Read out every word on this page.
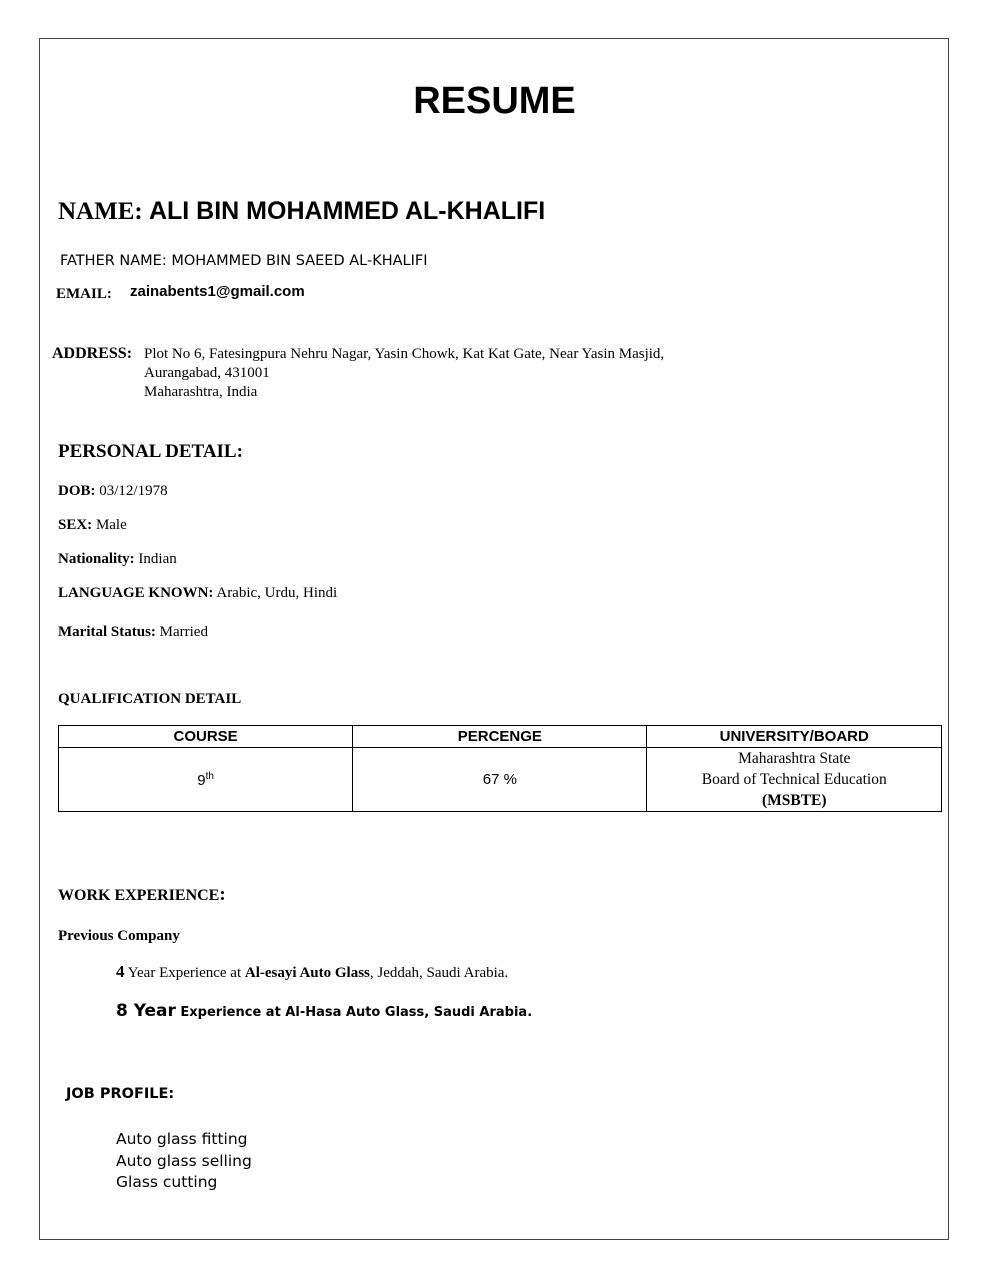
RESUME
NAME: ALI BIN MOHAMMED AL-KHALIFI
FATHER NAME: MOHAMMED BIN SAEED AL-KHALIFI
EMAIL: zainabents1@gmail.com
ADDRESS: Plot No 6, Fatesingpura Nehru Nagar, Yasin Chowk, Kat Kat Gate, Near Yasin Masjid,
Aurangabad, 431001
Maharashtra, India
PERSONAL DETAIL:
DOB: 03/12/1978
SEX: Male
Nationality: Indian
LANGUAGE KNOWN: Arabic, Urdu, Hindi
Marital Status: Married
QUALIFICATION DETAIL
COURSE	PERCENGE	UNIVERSITY/BOARD
9th	67 %	Maharashtra State
Board of Technical Education
(MSBTE)
WORK EXPERIENCE:
Previous Company
4 Year Experience at Al-esayi Auto Glass, Jeddah, Saudi Arabia.
8 Year Experience at Al-Hasa Auto Glass, Saudi Arabia.
JOB PROFILE:
Auto glass fitting
Auto glass selling
Glass cutting
